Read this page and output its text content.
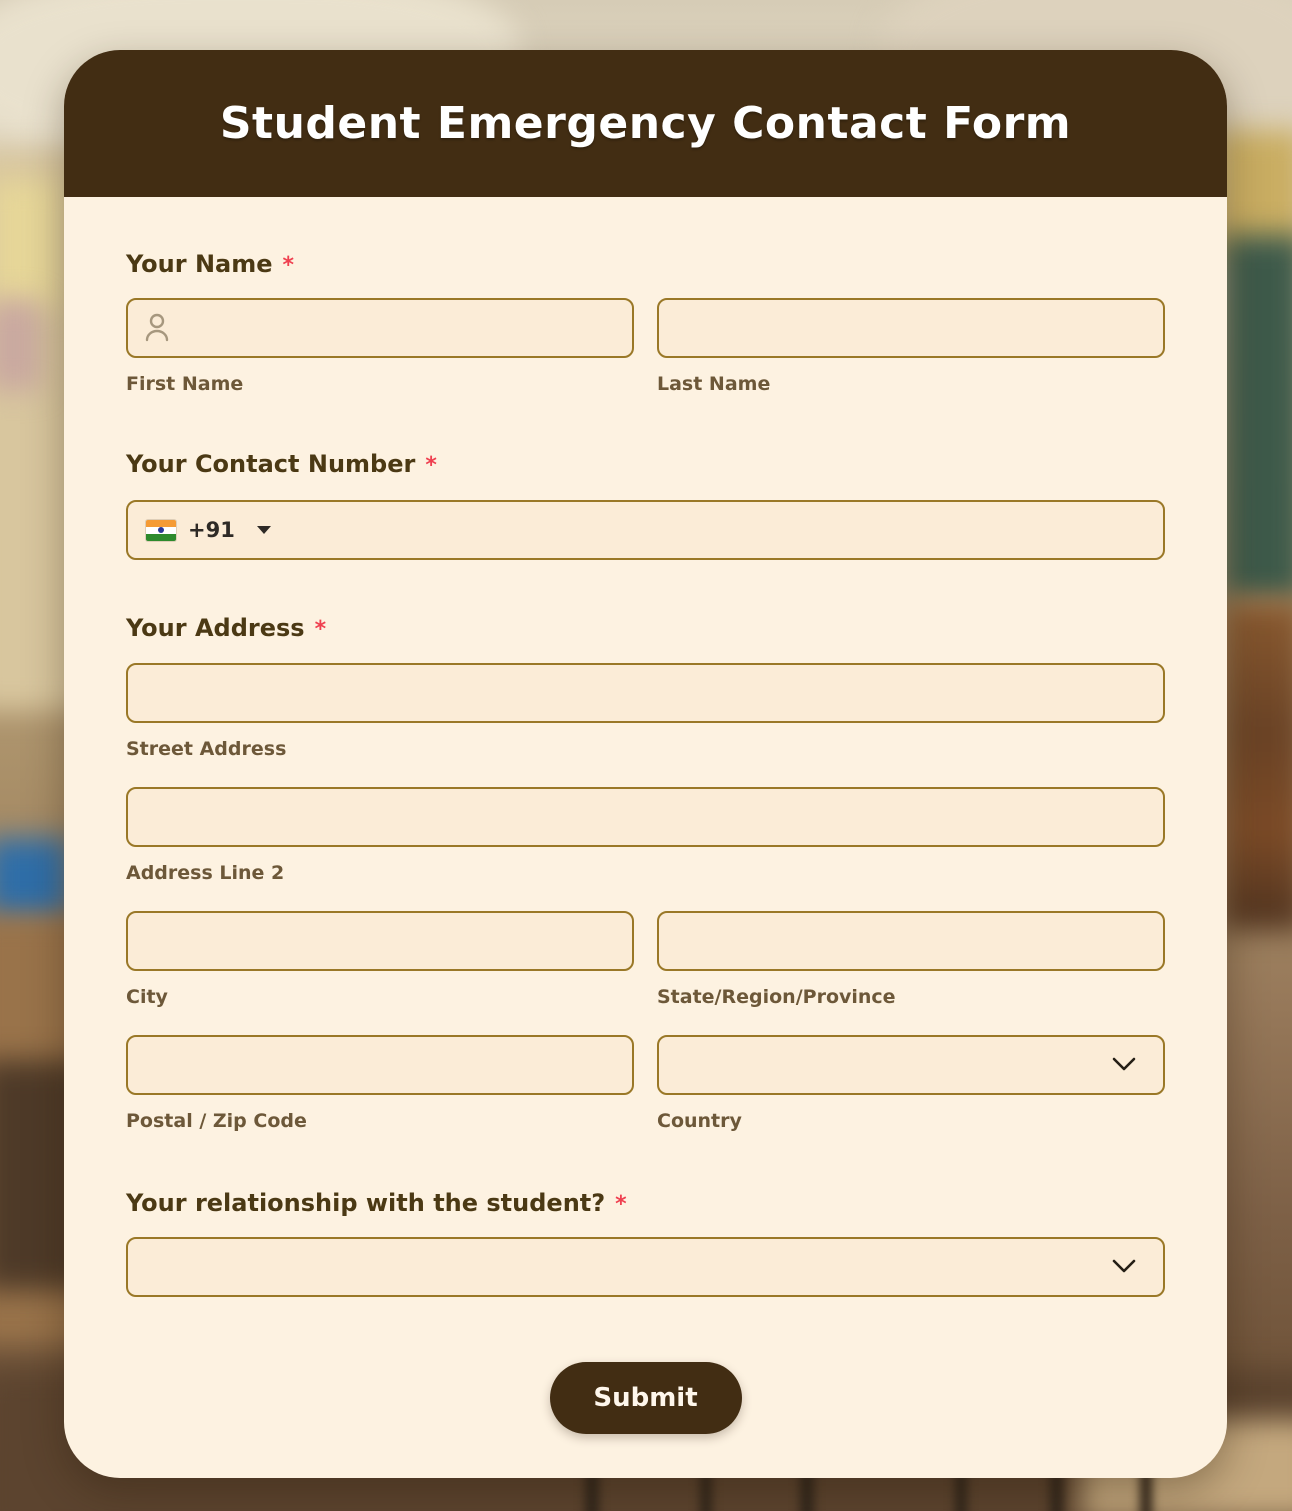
Student Emergency Contact Form
Your Name *
First Name	Last Name
Your Contact Number *
+91
Your Address *
Street Address
Address Line 2
City	State/Region/Province
Postal / Zip Code	Country
Your relationship with the student? *
Submit
